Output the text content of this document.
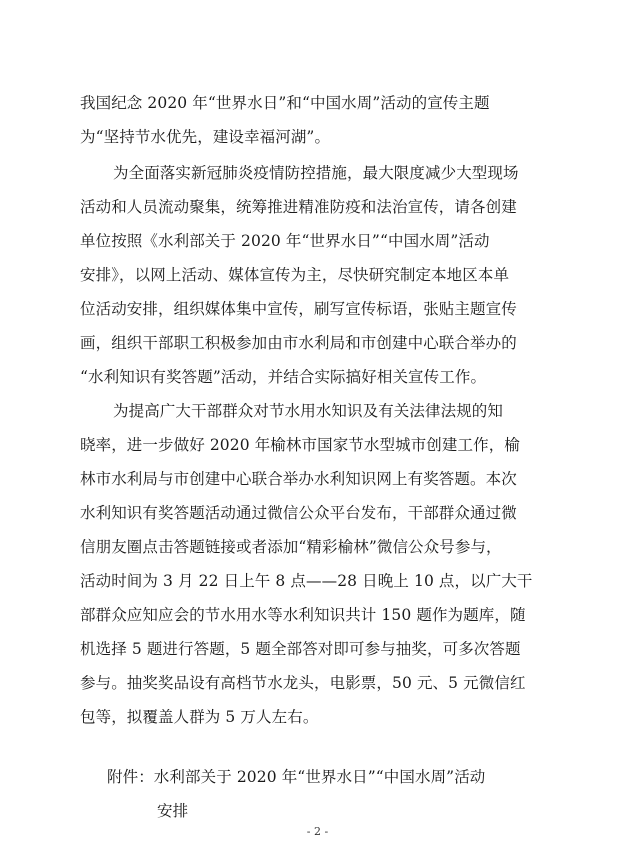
我国纪念 2020 年“世界水日”和“中国水周”活动的宣传主题
为“坚持节水优先，建设幸福河湖”。
为全面落实新冠肺炎疫情防控措施，最大限度减少大型现场
活动和人员流动聚集，统筹推进精准防疫和法治宣传，请各创建
单位按照《水利部关于 2020 年“世界水日”“中国水周”活动
安排》，以网上活动、媒体宣传为主，尽快研究制定本地区本单
位活动安排，组织媒体集中宣传，刷写宣传标语，张贴主题宣传
画，组织干部职工积极参加由市水利局和市创建中心联合举办的
“水利知识有奖答题”活动，并结合实际搞好相关宣传工作。
为提高广大干部群众对节水用水知识及有关法律法规的知
晓率，进一步做好 2020 年榆林市国家节水型城市创建工作，榆
林市水利局与市创建中心联合举办水利知识网上有奖答题。本次
水利知识有奖答题活动通过微信公众平台发布，干部群众通过微
信朋友圈点击答题链接或者添加“精彩榆林”微信公众号参与，
活动时间为 3 月 22 日上午 8 点——28 日晚上 10 点，以广大干
部群众应知应会的节水用水等水利知识共计 150 题作为题库，随
机选择 5 题进行答题，5 题全部答对即可参与抽奖，可多次答题
参与。抽奖奖品设有高档节水龙头，电影票，50 元、5 元微信红
包等，拟覆盖人群为 5 万人左右。
附件：水利部关于 2020 年“世界水日”“中国水周”活动
安排
- 2 -
